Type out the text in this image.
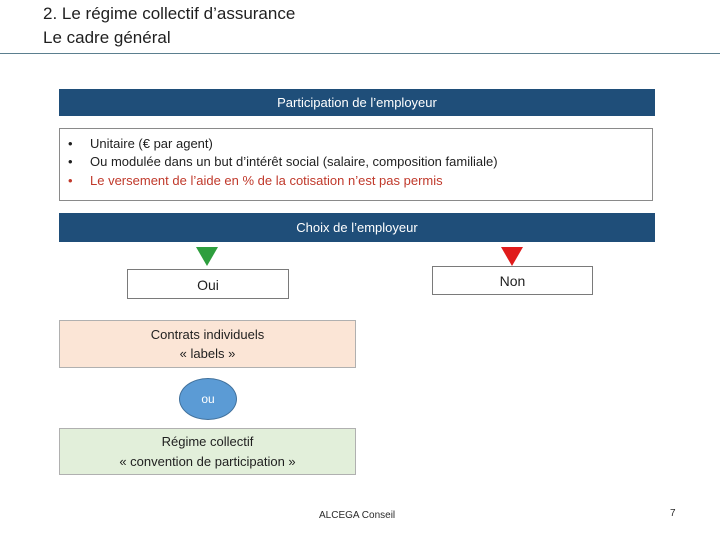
2. Le régime collectif d’assurance
Le cadre général
Participation de l’employeur
• Unitaire (€ par agent)
• Ou modulée dans un but d’intérêt social (salaire, composition familiale)
• Le versement de l’aide en % de la cotisation n’est pas permis
Choix de l’employeur
Oui	Non
Contrats individuels
« labels »
ou
Régime collectif
« convention de participation »
ALCEGA Conseil	7
